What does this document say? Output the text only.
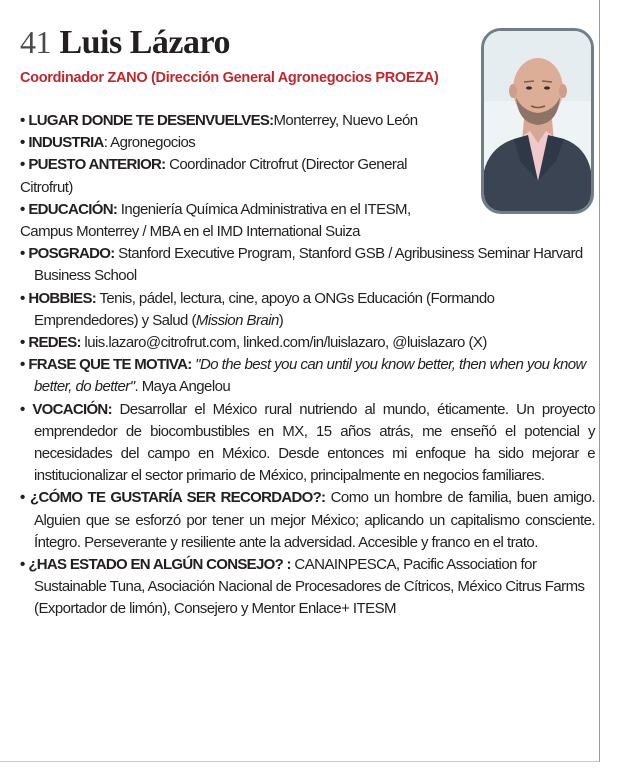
41 Luis Lázaro
Coordinador ZANO (Dirección General Agronegocios PROEZA)
• LUGAR DONDE TE DESENVUELVES:Monterrey, Nuevo León
• INDUSTRIA: Agronegocios
• PUESTO ANTERIOR: Coordinador Citrofrut (Director General Citrofrut)
• EDUCACIÓN: Ingeniería Química Administrativa en el ITESM, Campus Monterrey / MBA en el IMD International Suiza
• POSGRADO: Stanford Executive Program, Stanford GSB / Agribusiness Seminar Harvard Business School
• HOBBIES: Tenis, pádel, lectura, cine, apoyo a ONGs Educación (Formando Emprendedores) y Salud (Mission Brain)
• REDES: luis.lazaro@citrofrut.com, linked.com/in/luislazaro, @luislazaro (X)
• FRASE QUE TE MOTIVA: "Do the best you can until you know better, then when you know better, do better". Maya Angelou
• VOCACIÓN: Desarrollar el México rural nutriendo al mundo, éticamente. Un proyecto emprendedor de biocombustibles en MX, 15 años atrás, me enseñó el potencial y necesidades del campo en México. Desde entonces mi enfoque ha sido mejorar e institucionalizar el sector primario de México, principalmente en negocios familiares.
• ¿CÓMO TE GUSTARÍA SER RECORDADO?: Como un hombre de familia, buen amigo. Alguien que se esforzó por tener un mejor México; aplicando un capitalismo consciente. Íntegro. Perseverante y resiliente ante la adversidad. Accesible y franco en el trato.
• ¿HAS ESTADO EN ALGÚN CONSEJO? : CANAINPESCA, Pacific Association for Sustainable Tuna, Asociación Nacional de Procesadores de Cítricos, México Citrus Farms (Exportador de limón), Consejero y Mentor Enlace+ ITESM
